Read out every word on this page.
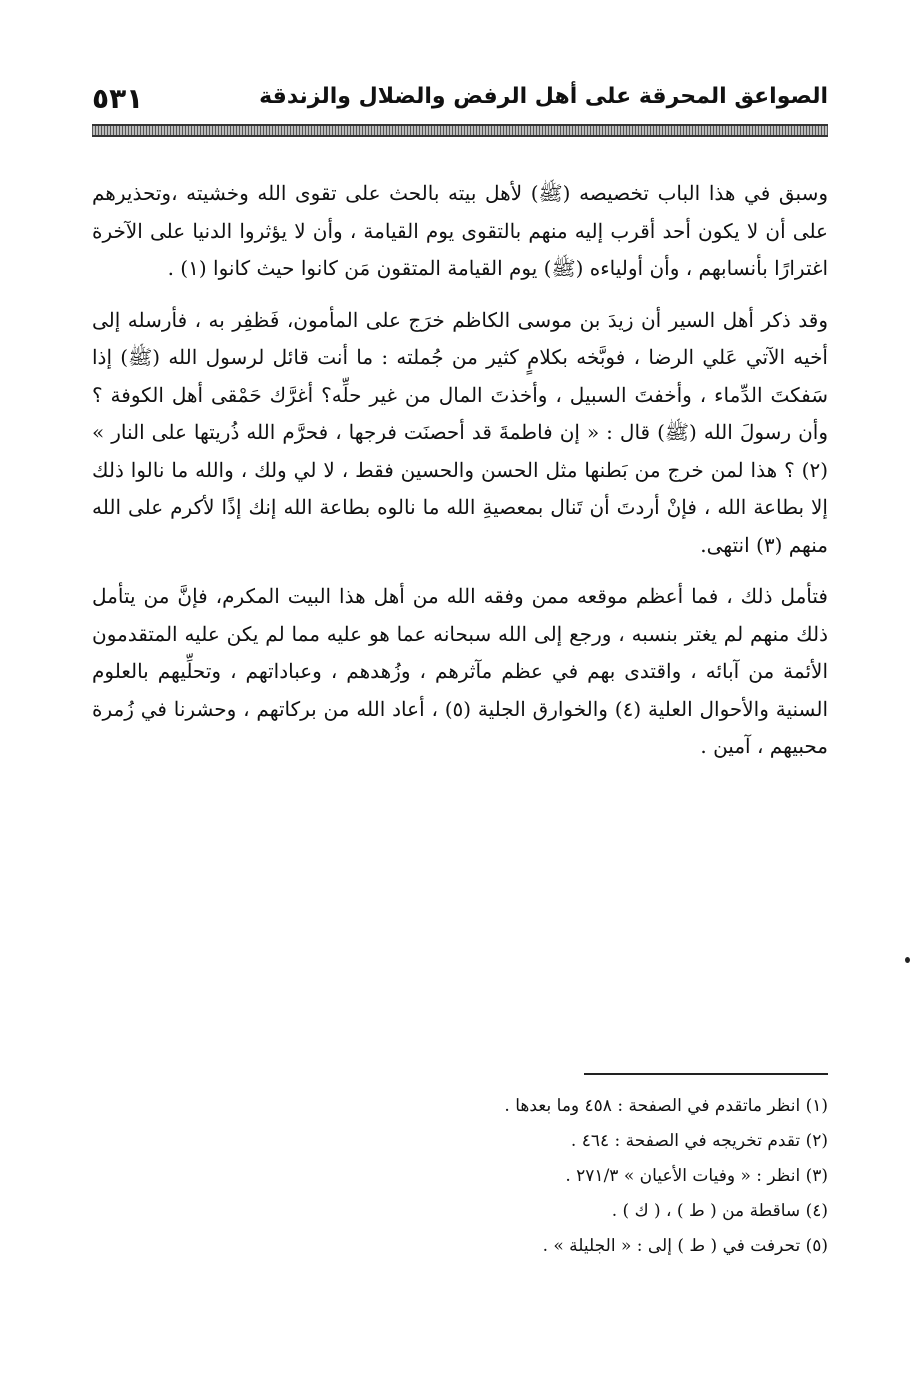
الصواعق المحرقة على أهل الرفض والضلال والزندقة
٥٣١

وسبق في هذا الباب تخصيصه (ﷺ) لأهل بيته بالحث على تقوى الله وخشيته ،وتحذيرهم على أن لا يكون أحد أقرب إليه منهم بالتقوى يوم القيامة ، وأن لا يؤثروا الدنيا على الآخرة اغترارًا بأنسابهم ، وأن أولياءه (ﷺ) يوم القيامة المتقون مَن كانوا حيث كانوا (١) .

وقد ذكر أهل السير أن زيدَ بن موسى الكاظم خرَج على المأمون، فَظفِر به ، فأرسله إلى أخيه الآتي عَلي الرضا ، فوبَّخه بكلامٍ كثير من جُملته : ما أنت قائل لرسول الله (ﷺ) إذا سَفكتَ الدِّماء ، وأخفتَ السبيل ، وأخذتَ المال من غير حلِّه؟ أغرَّك حَمْقى أهل الكوفة ؟ وأن رسولَ الله (ﷺ) قال : « إن فاطمةَ قد أحصنَت فرجها ، فحرَّم الله ذُريتها على النار » (٢) ؟ هذا لمن خرج من بَطنها مثل الحسن والحسين فقط ، لا لي ولك ، والله ما نالوا ذلك إلا بطاعة الله ، فإنْ أردتَ أن تَنال بمعصيةِ الله ما نالوه بطاعة الله إنك إذًا لأكرم على الله منهم (٣) انتهى.

فتأمل ذلك ، فما أعظم موقعه ممن وفقه الله من أهل هذا البيت المكرم، فإنَّ من يتأمل ذلك منهم لم يغتر بنسبه ، ورجع إلى الله سبحانه عما هو عليه مما لم يكن عليه المتقدمون الأئمة من آبائه ، واقتدى بهم في عظم مآثرهم ، وزُهدهم ، وعباداتهم ، وتحلِّيهم بالعلوم السنية والأحوال العلية (٤) والخوارق الجلية (٥) ، أعاد الله من بركاتهم ، وحشرنا في زُمرة محبيهم ، آمين .

(١) انظر ماتقدم في الصفحة : ٤٥٨ وما بعدها .

(٢) تقدم تخريجه في الصفحة : ٤٦٤ .

(٣) انظر : « وفيات الأعيان » ٢٧١/٣ .

(٤) ساقطة من ( ط ) ، ( ك ) .

(٥) تحرفت في ( ط ) إلى : « الجليلة » .
